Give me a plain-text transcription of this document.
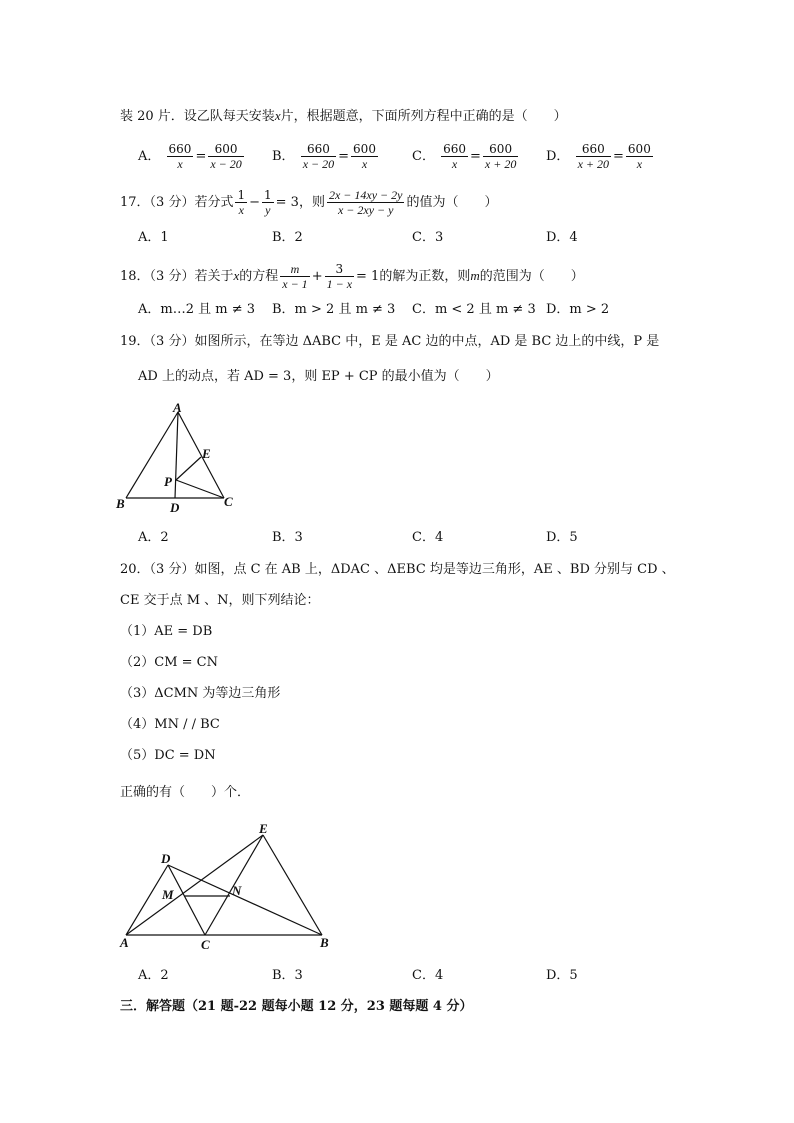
装 20 片．设乙队每天安装x片，根据题意，下面所列方程中正确的是（　　）
A． $\frac{660}{x} = \frac{600}{x - 20}$ B． $\frac{660}{x - 20} = \frac{600}{x}$	C． $\frac{660}{x} = \frac{600}{x + 20}$ D． $\frac{660}{x + 20} = \frac{600}{x}$
17．（3 分）若分式 $\frac{1}{x} - \frac{1}{y} = 3$，则 $\frac{2x - 14xy - 2y}{x - 2xy - y}$ 的值为（　　）
A．1	B．2	C．3	D．4
18．（3 分）若关于x的方程 $\frac{m}{x - 1} + \frac{3}{1 - x} = 1$的解为正数，则m的范围为（　　）
A．m…2 且 m ≠ 3 B．m > 2 且 m ≠ 3 C．m < 2 且 m ≠ 3 D．m > 2
19．（3 分）如图所示，在等边 ΔABC 中，E 是 AC 边的中点，AD 是 BC 边上的中线，P 是
AD 上的动点，若 AD = 3，则 EP + CP 的最小值为（　　）
A
B	C
D
E
P
A．2	B．3	C．4	D．5
20．（3 分）如图，点 C 在 AB 上，ΔDAC 、ΔEBC 均是等边三角形，AE 、BD 分别与 CD 、
CE 交于点 M 、N，则下列结论：
（1）AE = DB
（2）CM = CN
（3）ΔCMN 为等边三角形
（4）MN / / BC
（5）DC = DN
正确的有（　　）个．
A	B
C
D
E
M	N
A．2	B．3	C．4	D．5
三．解答题（21 题-22 题每小题 12 分，23 题每题 4 分）
